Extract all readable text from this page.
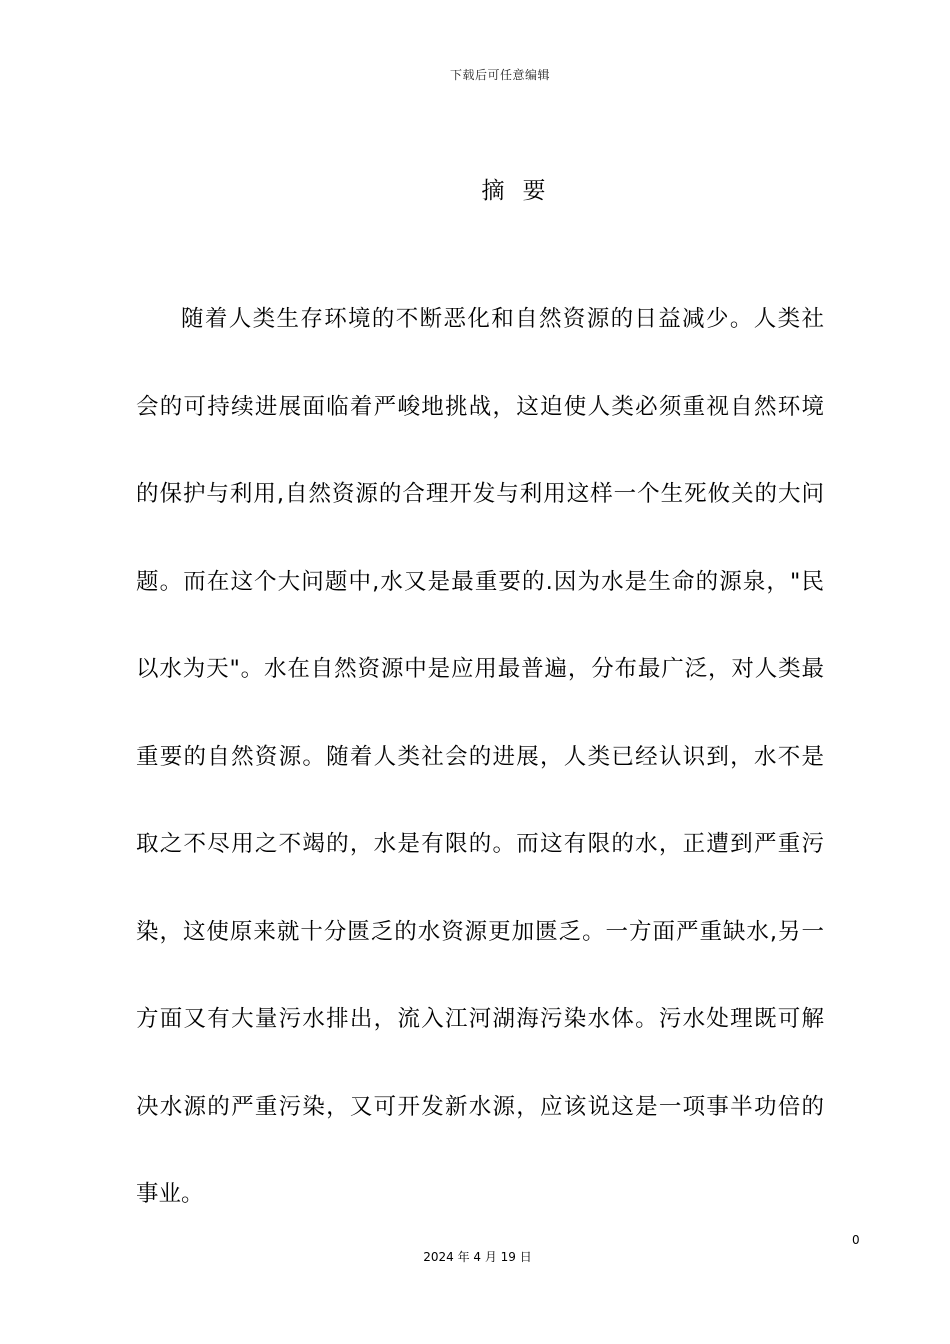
下载后可任意编辑
摘要
随着人类生存环境的不断恶化和自然资源的日益减少。人类社
会的可持续进展面临着严峻地挑战，这迫使人类必须重视自然环境
的保护与利用,自然资源的合理开发与利用这样一个生死攸关的大问
题。而在这个大问题中,水又是最重要的.因为水是生命的源泉，"民
以水为天"。水在自然资源中是应用最普遍，分布最广泛，对人类最
重要的自然资源。随着人类社会的进展，人类已经认识到，水不是
取之不尽用之不竭的，水是有限的。而这有限的水，正遭到严重污
染，这使原来就十分匮乏的水资源更加匮乏。一方面严重缺水,另一
方面又有大量污水排出，流入江河湖海污染水体。污水处理既可解
决水源的严重污染，又可开发新水源，应该说这是一项事半功倍的
事业。
0
2024 年 4 月 19 日
